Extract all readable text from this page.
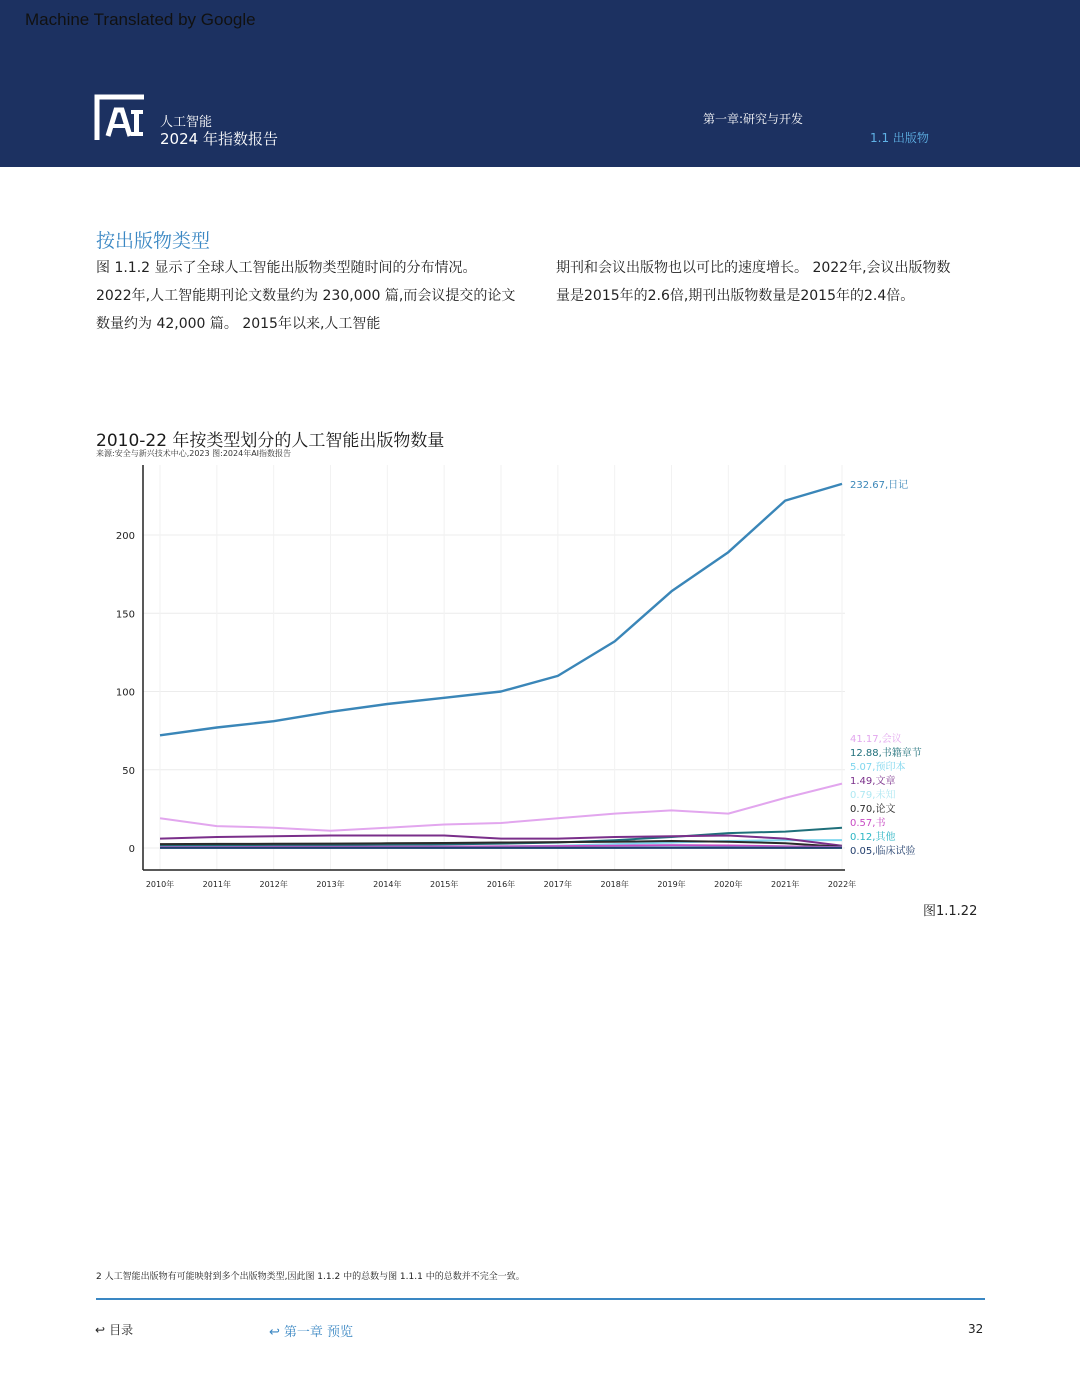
Machine Translated by Google
人工智能
2024 年指数报告
第一章:研究与开发
1.1 出版物
按出版物类型
图 1.1.2 显示了全球人工智能出版物类型随时间的分布情况。 2022年,人工智能期刊论文数量约为 230,000 篇,而会议提交的论文数量约为 42,000 篇。 2015年以来,人工智能
期刊和会议出版物也以可比的速度增长。 2022年,会议出版物数量是2015年的2.6倍,期刊出版物数量是2015年的2.4倍。
2010-22 年按类型划分的人工智能出版物数量
来源:安全与新兴技术中心,2023 图:2024年AI指数报告
0
50
100
150
200
2010年	2011年	2012年	2013年	2014年	2015年	2016年	2017年	2018年	2019年	2020年	2021年	2022年
232.67,日记
41.17,会议
12.88,书籍章节
5.07,预印本
1.49,文章
0.79,未知
0.70,论文
0.57,书
0.12,其他
0.05,临床试验
图1.1.22
2 人工智能出版物有可能映射到多个出版物类型,因此图 1.1.2 中的总数与图 1.1.1 中的总数并不完全一致。
↩ 目录	↩ 第一章 预览	32
